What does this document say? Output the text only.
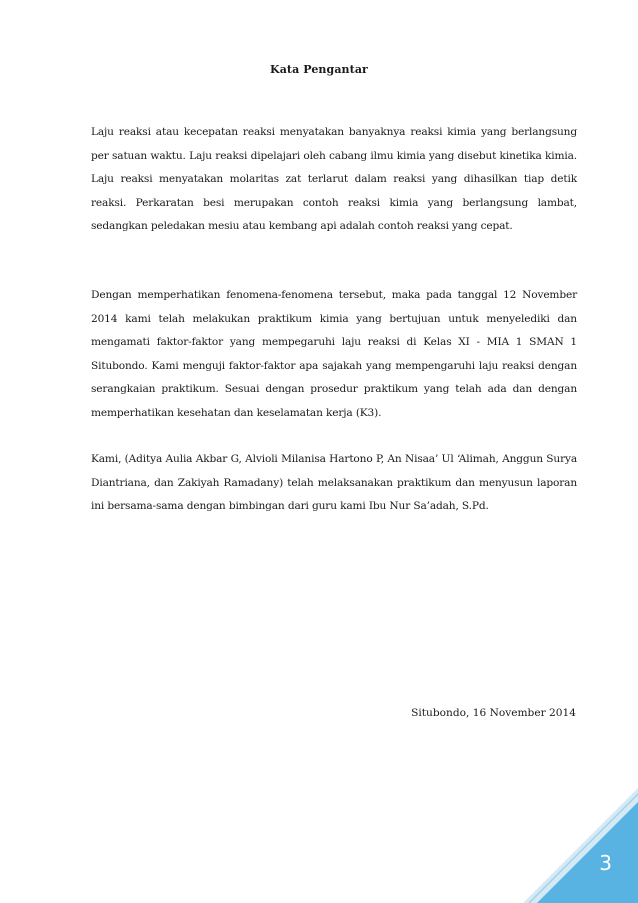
Kata Pengantar

Laju reaksi atau kecepatan reaksi menyatakan banyaknya reaksi kimia yang berlangsung per satuan waktu. Laju reaksi dipelajari oleh cabang ilmu kimia yang disebut kinetika kimia. Laju reaksi menyatakan molaritas zat terlarut dalam reaksi yang dihasilkan tiap detik reaksi. Perkaratan besi merupakan contoh reaksi kimia yang berlangsung lambat, sedangkan peledakan mesiu atau kembang api adalah contoh reaksi yang cepat.

Dengan memperhatikan fenomena-fenomena tersebut, maka pada tanggal 12 November 2014 kami telah melakukan praktikum kimia yang bertujuan untuk menyelediki dan mengamati faktor-faktor yang mempegaruhi laju reaksi di Kelas XI - MIA 1 SMAN 1 Situbondo. Kami menguji faktor-faktor apa sajakah yang mempengaruhi laju reaksi dengan serangkaian praktikum. Sesuai dengan prosedur praktikum yang telah ada dan dengan memperhatikan kesehatan dan keselamatan kerja (K3).

Kami, (Aditya Aulia Akbar G, Alvioli Milanisa Hartono P, An Nisaa’ Ul ‘Alimah, Anggun Surya Diantriana, dan Zakiyah Ramadany) telah melaksanakan praktikum dan menyusun laporan ini bersama-sama dengan bimbingan dari guru kami Ibu Nur Sa’adah, S.Pd.

Situbondo, 16 November 2014
3
